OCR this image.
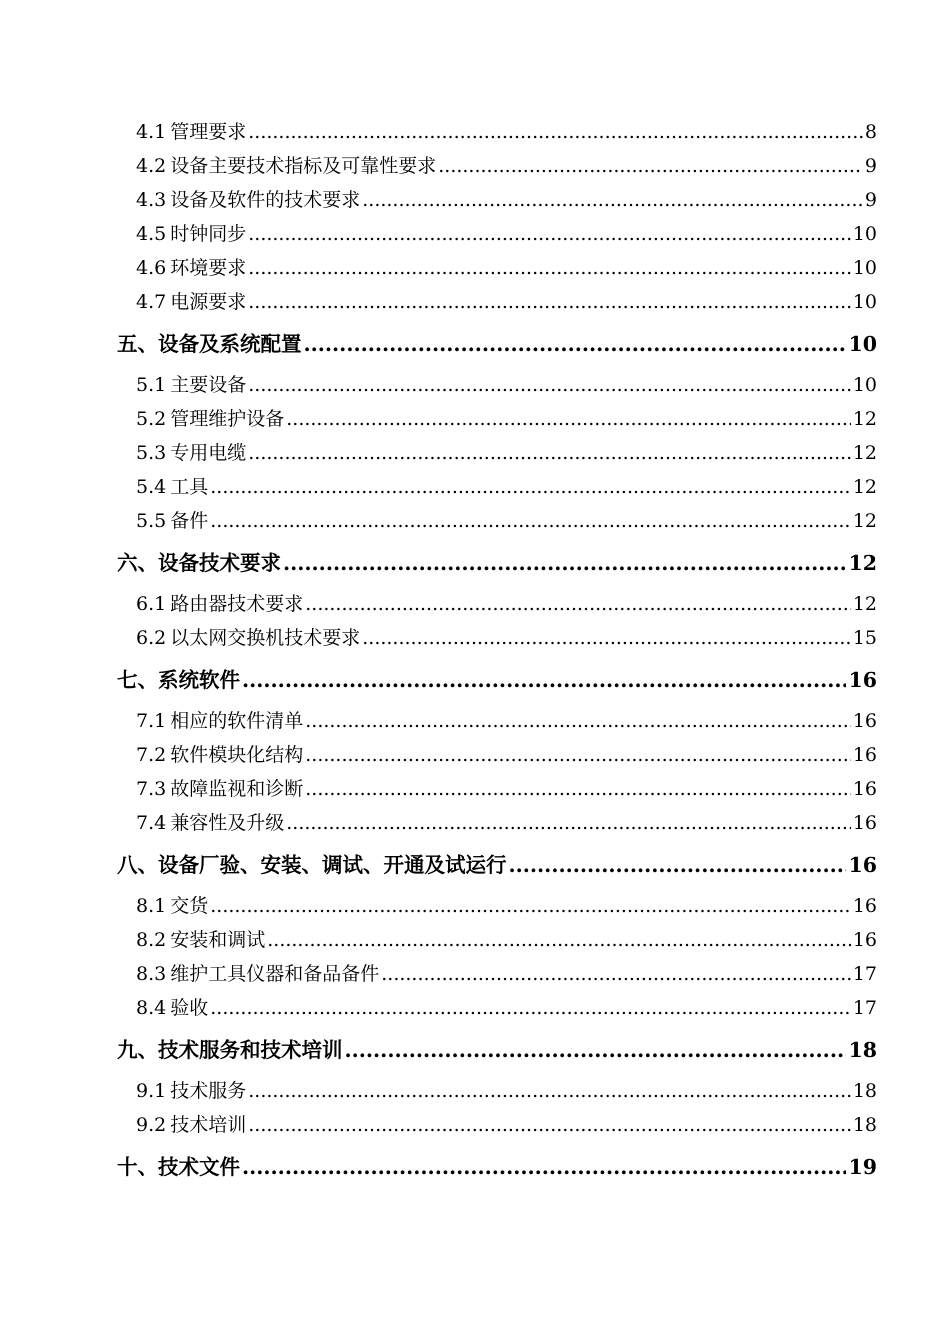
4.1 管理要求 .....	8
4.2 设备主要技术指标及可靠性要求 .....	9
4.3 设备及软件的技术要求 .....	9
4.5 时钟同步 .....	10
4.6 环境要求 .....	10
4.7 电源要求 .....	10
五、 设备及系统配置 .....	10
5.1 主要设备 .....	10
5.2 管理维护设备 .....	12
5.3 专用电缆 .....	12
5.4 工具 .....	12
5.5 备件 .....	12
六、 设备技术要求 .....	12
6.1 路由器技术要求 .....	12
6.2 以太网交换机技术要求 .....	15
七、 系统软件 .....	16
7.1 相应的软件清单 .....	16
7.2 软件模块化结构 .....	16
7.3 故障监视和诊断 .....	16
7.4 兼容性及升级 .....	16
八、 设备厂验、安装、调试、开通及试运行 .....	16
8.1 交货 .....	16
8.2 安装和调试 .....	16
8.3 维护工具仪器和备品备件 .....	17
8.4 验收 .....	17
九、 技术服务和技术培训 .....	18
9.1 技术服务 .....	18
9.2 技术培训 .....	18
十、 技术文件 .....	19
